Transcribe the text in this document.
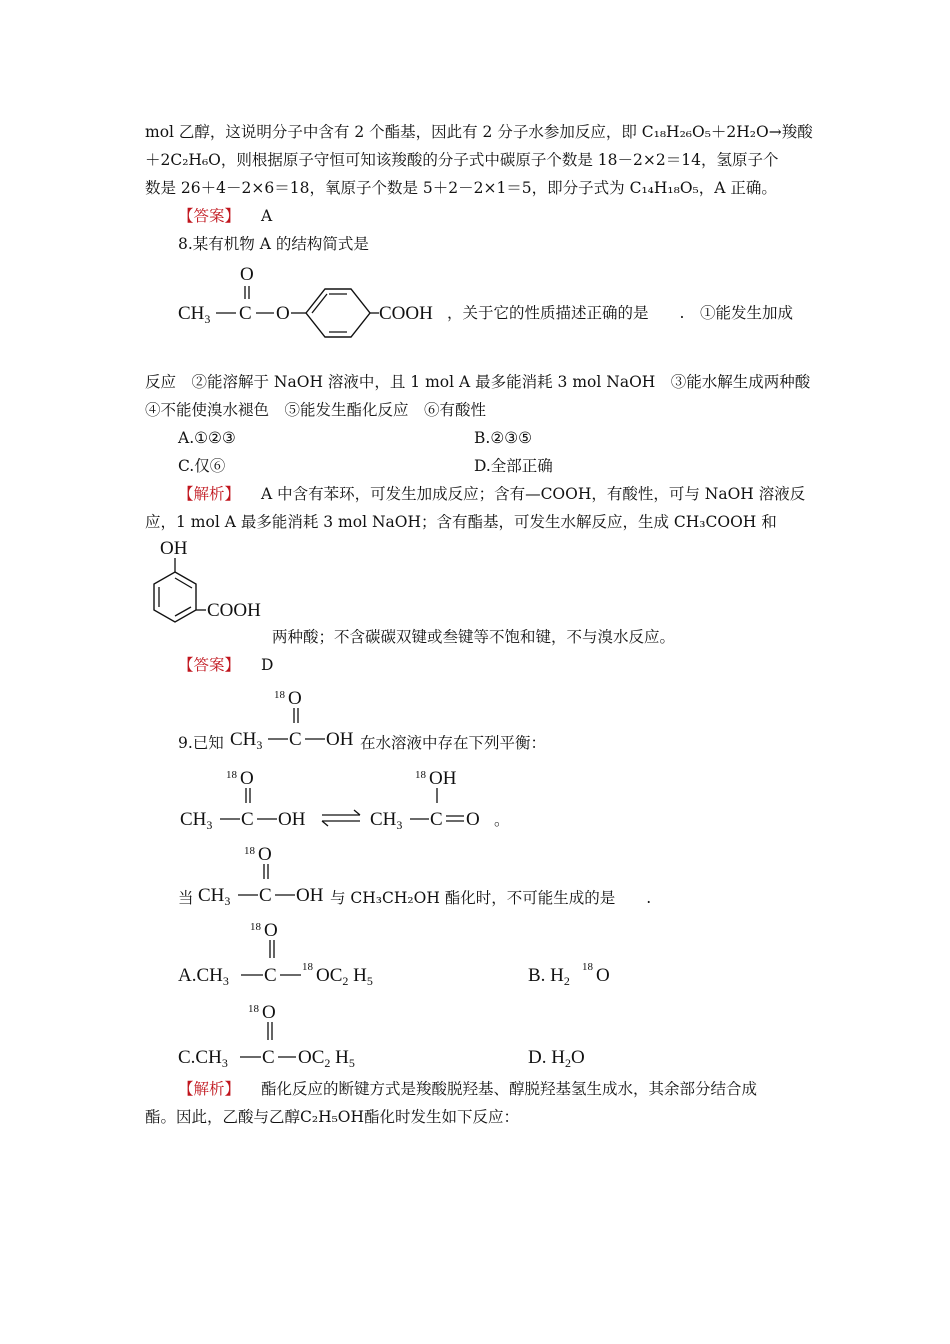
mol 乙醇，这说明分子中含有 2 个酯基，因此有 2 分子水参加反应，即 C₁₈H₂₆O₅＋2H₂O→羧酸
＋2C₂H₆O，则根据原子守恒可知该羧酸的分子式中碳原子个数是 18－2×2＝14，氢原子个
数是 26＋4－2×6＝18，氧原子个数是 5＋2－2×1＝5，即分子式为 C₁₄H₁₈O₅，A 正确。
【答案】 A
8.某有机物 A 的结构简式是
$CH_3$ C
O
O	COOH ，关于它的性质描述正确的是　　. ①能发生加成
反应　②能溶解于 NaOH 溶液中，且 1 mol A 最多能消耗 3 mol NaOH　③能水解生成两种酸
④不能使溴水褪色　⑤能发生酯化反应　⑥有酸性
A.①②③	B.②③⑤
C.仅⑥	D.全部正确
【解析】 A 中含有苯环，可发生加成反应；含有—COOH，有酸性，可与 NaOH 溶液反
应，1 mol A 最多能消耗 3 mol NaOH；含有酯基，可发生水解反应，生成 CH₃COOH 和
OH
COOH
两种酸；不含碳碳双键或叁键等不饱和键，不与溴水反应。
【答案】 D
9.已知
18 O
$CH_3$ C OH 在水溶液中存在下列平衡：
18 O
$CH_3$ C OH
18 OH
$CH_3$ C O 。
当
18 O
$CH_3$ C OH 与 CH₃CH₂OH 酯化时，不可能生成的是　　.
18 O
$A.CH_3$ C 18 $OC_2$ $H_5$	B. $H_2$
18 O
18 O
$C.CH_3$ C $OC_2$ $H_5$	D. $H_2O$
【解析】 酯化反应的断键方式是羧酸脱羟基、醇脱羟基氢生成水，其余部分结合成
酯。因此，乙酸与乙醇C₂H₅OH酯化时发生如下反应：
